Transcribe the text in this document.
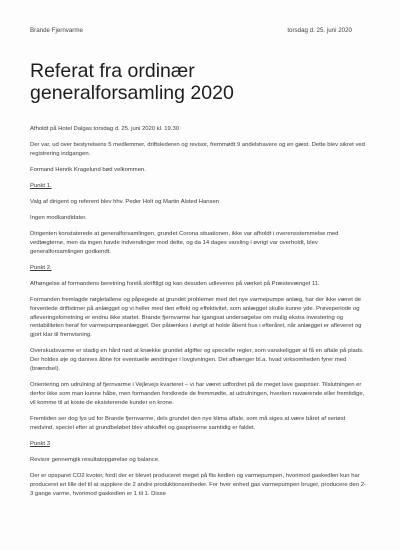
Brande Fjernvarme	torsdag d. 25. juni 2020
Referat fra ordinær generalforsamling 2020

Afholdt på Hotel Dalgas torsdag d. 25. juni 2020 kl. 19.30

Der var, ud over bestyrelsens 5 medlemmer, driftslederen og revisor, fremmødt 9 andelshavere og en gæst. Dette blev sikret ved registrering indgangen.

Formand Henrik Kragelund bød velkommen.

Punkt 1.

Valg af dirigent og referent blev hhv. Peder Holt og Martin Alsted Hansen

Ingen modkandidater.

Dirigenten konstaterede at generalforsamlingen, grundet Corona situationen, ikke var afholdt i overensstemmelse med vedtægterne, men da ingen havde indvendinger mod dette, og da 14 dages varsling i øvrigt var overholdt, blev generalforsamlingen godkendt.

Punkt 2.

Afhøngelse af formandens beretning forelå skriftligt og kan desuden udleveres på værket på Præstevænget 11.

Formanden fremlagde nøgletallene og påpegede at grundet problemer med det nye varmepumpe anlæg, har der ikke været de forventede driftstimer på anlægget og vi heller med den effekt og effektivitet, som anlægget skulle kunne yde. Prøveperiode og afleveringsforretning er endnu ikke startet. Brande fjernvarme har igangsat undersøgelse om mulig ekstra investering og rentabiliteten heraf for varmepumpeanlægget. Der påtænkes i øvrigt at holde åbent hus i efteråret, når anlægget er afleveret og gjort klar til fremvisning.

Overskudsvarme er stadig en hård nød at knække grundet afgifter og specielle regler, som vanskeliggør at få en aftale på plads. Der holdes øje og dannes åbne for eventuelle ændringer i lovgivningen. Det afhænger bl.a. hvad virksomheden fyrer med (brændsel).

Orientering om udrulning af fjernvarme i Vejlevejs kvarteret – vi har været udfordret på de meget lave gaspriser. Tilslutningen er derfor ikke som man kunne håbe, men formanden forsikrede de fremmødte, at udrulningen, hverken nuværende eller fremtidige, vil komme til at koste de eksisterende kunder en krone.

Fremtiden ser dog lys ud for Brande fjernvarme, dels grundet den nye klima aftale, som må siges at være båret af seriøst medvind, speciel efter at grundbeløbet blev afskaffet og gaspriserne samtidig er faldet.

Punkt 3

Revisor gennemgik resultatopgørelse og balance.

Der er opsparet CO2 kvoter, fordi der er blevet produceret meget på flis kedlen og varmepumpen, hvorimod gaskedlen kun har produceret en lille del til at supplere de 2 andre produktionsenheder. For hver enhed gas varmepumpen bruger, producere den 2-3 gange varme, hvorimod gaskedlen er 1 til 1. Disse
